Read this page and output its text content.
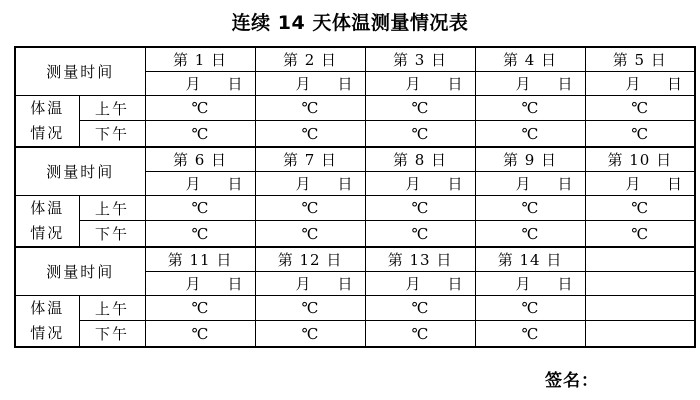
连续 14 天体温测量情况表
测量时间		第 1 日	第 2 日	第 3 日	第 4 日	第 5 日

		月 日	月 日	月 日	月 日	月 日

体温
情况	上午	℃	℃	℃	℃	℃
	下午	℃	℃	℃	℃	℃
测量时间		第 6 日	第 7 日	第 8 日	第 9 日	第 10 日

		月 日	月 日	月 日	月 日	月 日

体温
情况	上午	℃	℃	℃	℃	℃
	下午	℃	℃	℃	℃	℃
测量时间		第 11 日	第 12 日	第 13 日	第 14 日	

		月 日	月 日	月 日	月 日	

体温
情况	上午	℃	℃	℃	℃	
	下午	℃	℃	℃	℃	
签名：
